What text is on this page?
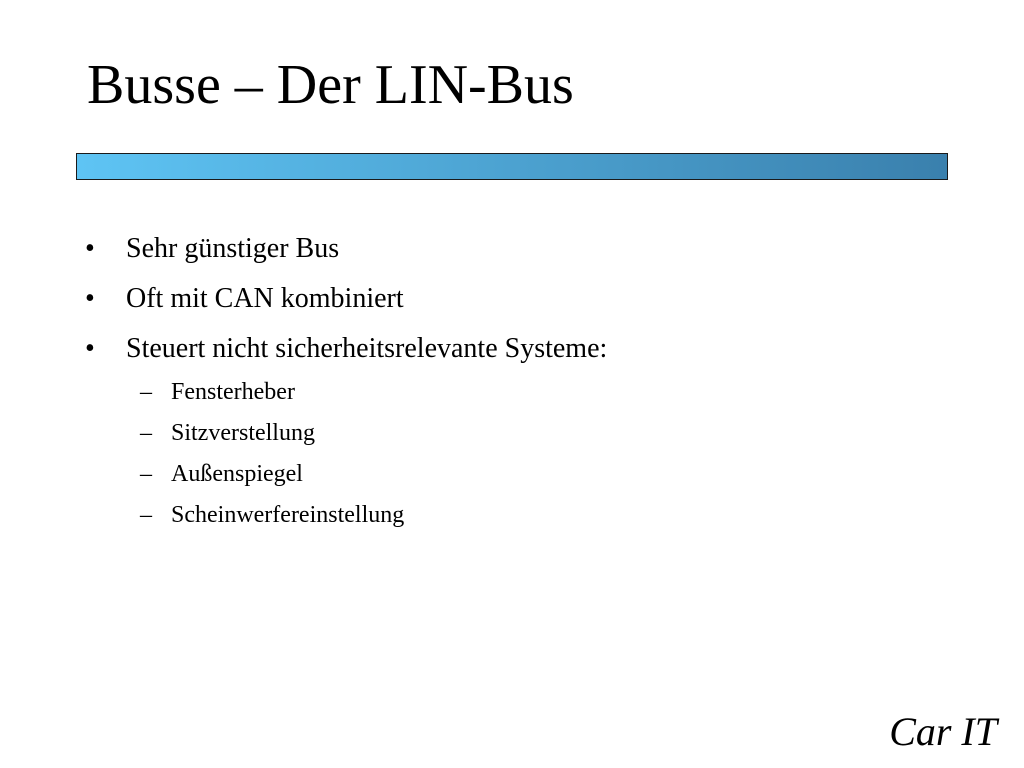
Busse – Der LIN-Bus
• Sehr günstiger Bus
• Oft mit CAN kombiniert
• Steuert nicht sicherheitsrelevante Systeme:
– Fensterheber
– Sitzverstellung
– Außenspiegel
– Scheinwerfereinstellung
Car IT
